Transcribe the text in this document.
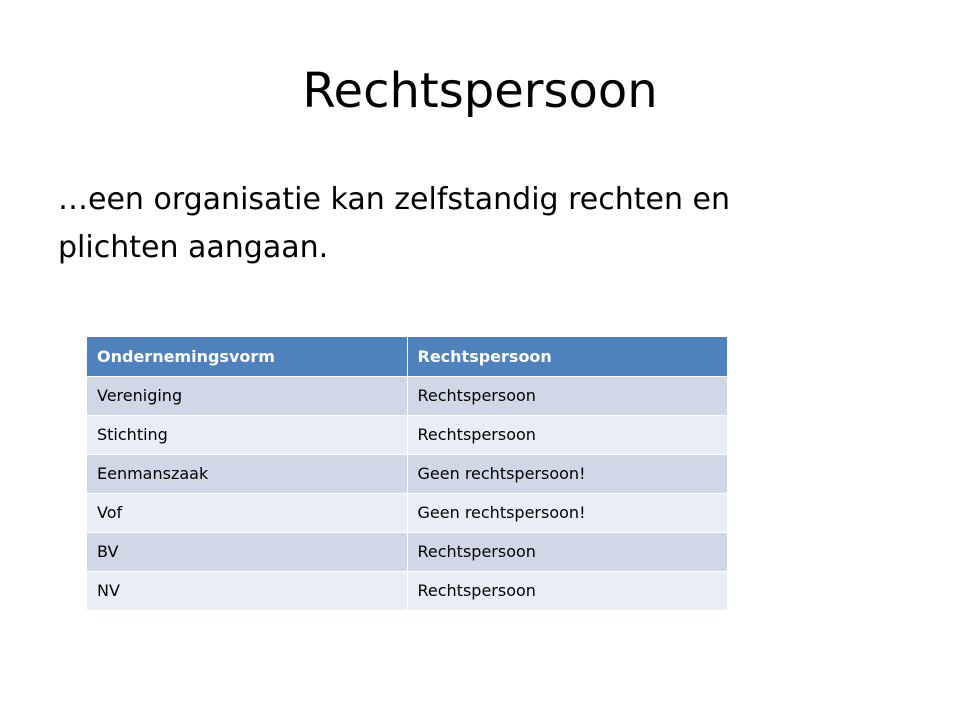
Rechtspersoon

…een organisatie kan zelfstandig rechten en plichten aangaan.

Ondernemingsvorm	Rechtspersoon
Vereniging	Rechtspersoon
Stichting	Rechtspersoon
Eenmanszaak	Geen rechtspersoon!
Vof	Geen rechtspersoon!
BV	Rechtspersoon
NV	Rechtspersoon
